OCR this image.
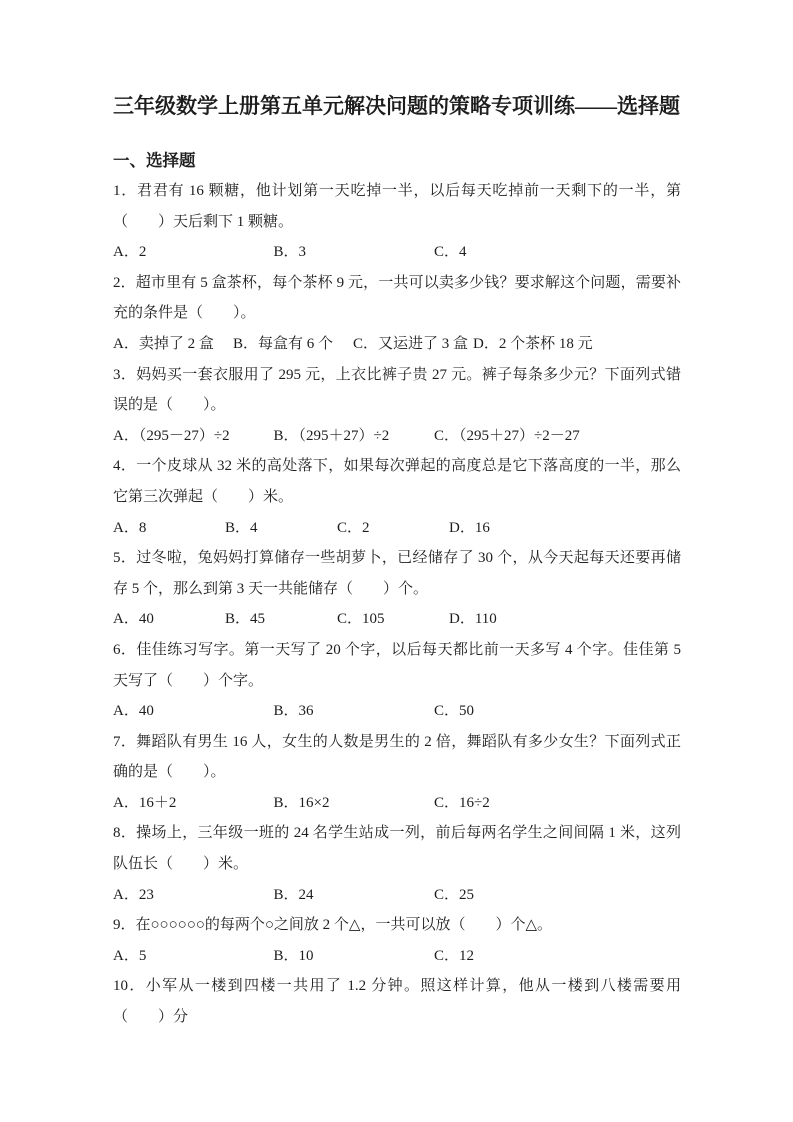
三年级数学上册第五单元解决问题的策略专项训练——选择题
一、选择题

1．君君有 16 颗糖，他计划第一天吃掉一半，以后每天吃掉前一天剩下的一半，第（　　）天后剩下 1 颗糖。

A．2	B．3	C．4

2．超市里有 5 盒茶杯，每个茶杯 9 元，一共可以卖多少钱？要求解这个问题，需要补充的条件是（　　）。

A．卖掉了 2 盒	B．每盒有 6 个	C．又运进了 3 盒 D．2 个茶杯 18 元

3．妈妈买一套衣服用了 295 元，上衣比裤子贵 27 元。裤子每条多少元？下面列式错误的是（　　）。

A．（295－27）÷2	B．（295＋27）÷2	C．（295＋27）÷2－27

4．一个皮球从 32 米的高处落下，如果每次弹起的高度总是它下落高度的一半，那么它第三次弹起（　　）米。

A．8	B．4	C．2	D．16

5．过冬啦，兔妈妈打算储存一些胡萝卜，已经储存了 30 个，从今天起每天还要再储存 5 个，那么到第 3 天一共能储存（　　）个。

A．40	B．45	C．105	D．110

6．佳佳练习写字。第一天写了 20 个字，以后每天都比前一天多写 4 个字。佳佳第 5 天写了（　　）个字。

A．40	B．36	C．50

7．舞蹈队有男生 16 人，女生的人数是男生的 2 倍，舞蹈队有多少女生？下面列式正确的是（　　）。

A．16＋2	B．16×2	C．16÷2

8．操场上，三年级一班的 24 名学生站成一列，前后每两名学生之间间隔 1 米，这列队伍长（　　）米。

A．23	B．24	C．25

9．在○○○○○○的每两个○之间放 2 个△，一共可以放（　　）个△。

A．5	B．10	C．12

10．小军从一楼到四楼一共用了 1.2 分钟。照这样计算，他从一楼到八楼需要用（　　）分
